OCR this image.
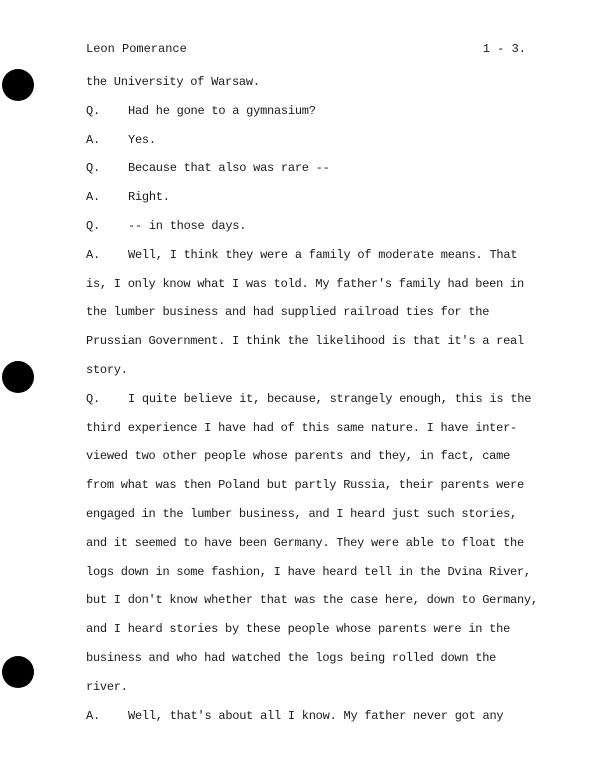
Leon Pomerance	1 - 3.
the University of Warsaw.
Q. Had he gone to a gymnasium?
A. Yes.
Q. Because that also was rare --
A. Right.
Q. -- in those days.
A. Well, I think they were a family of moderate means. That
is, I only know what I was told. My father's family had been in
the lumber business and had supplied railroad ties for the
Prussian Government. I think the likelihood is that it's a real
story.
Q. I quite believe it, because, strangely enough, this is the
third experience I have had of this same nature. I have inter-
viewed two other people whose parents and they, in fact, came
from what was then Poland but partly Russia, their parents were
engaged in the lumber business, and I heard just such stories,
and it seemed to have been Germany. They were able to float the
logs down in some fashion, I have heard tell in the Dvina River,
but I don't know whether that was the case here, down to Germany,
and I heard stories by these people whose parents were in the
business and who had watched the logs being rolled down the
river.
A. Well, that's about all I know. My father never got any
